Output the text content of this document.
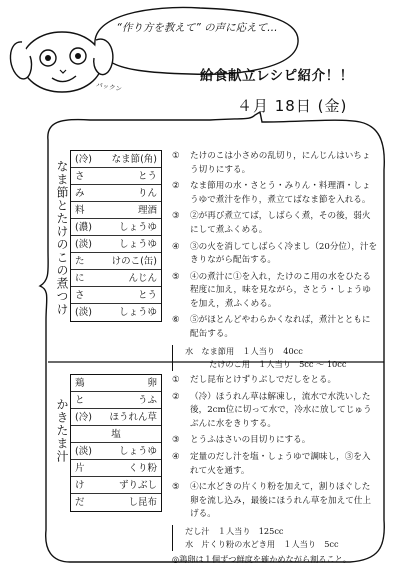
“作り方を教えて” の声に応えて…
パックン
給食献立レシピ紹介！！
４月 18日 (金)
なま節とたけのこの煮つけ
(冷) なま節(角)
さ	とう
み	りん
料	理酒
(濃)	しょうゆ
(淡)	しょうゆ
た	けのこ(缶)
に	んじん
さ	とう
(淡)	しょうゆ
①	たけのこは小さめの乱切り，にんじんはいちょう切りにする。
②	なま節用の水・さとう・みりん・料理酒・しょうゆで煮汁を作り，煮立てばなま節を入れる。
③	②が再び煮立てば，しばらく煮，その後，弱火にして煮ふくめる。
④	③の火を消してしばらく冷まし（20分位），汁をきりながら配缶する。
⑤	④の煮汁に①を入れ，たけのこ用の水をひたる程度に加え，味を見ながら，さとう・しょうゆを加え，煮ふくめる。
⑥	⑤がほとんどやわらかくなれば，煮汁とともに配缶する。
水　なま節用　１人当り　40cc
たけのこ用　１人当り　5cc 〜 10cc
かきたま汁
鶏	卵
と	うふ
(冷) ほうれん草
塩
(淡)	しょうゆ
片	くり粉
け	ずりぶし
だ	し昆布
①	だし昆布とけずりぶしでだしをとる。
②	（冷）ほうれん草は解凍し，流水で水洗いした後，2cm位に切って水で，冷水に放してじゅうぶんに水をきりする。
③	とうふはさいの目切りにする。
④	定量のだし汁を塩・しょうゆで調味し，③を入れて火を通す。
⑤	④に水どきの片くり粉を加えて，割りほぐした卵を流し込み，最後にほうれん草を加えて仕上げる。
だし汁　１人当り　125cc
水　片くり粉の水どき用　１人当り　5cc
◎鶏卵は１個ずつ鮮度を確かめながら割ること。
